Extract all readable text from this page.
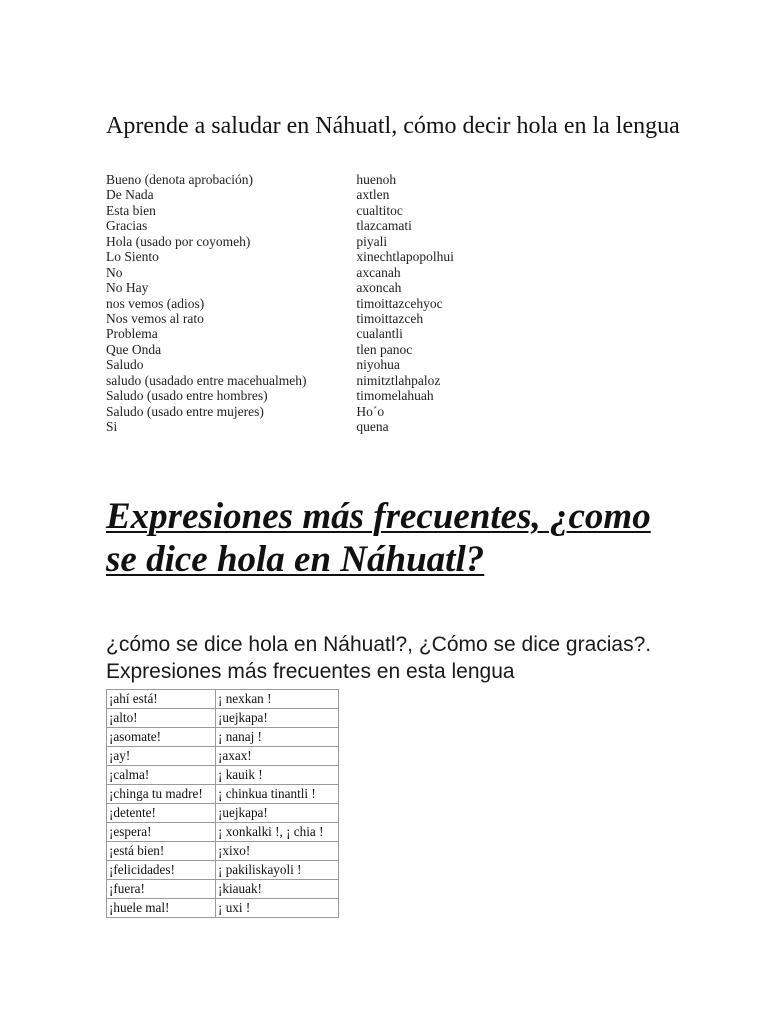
Aprende a saludar en Náhuatl, cómo decir hola en la lengua
Bueno (denota aprobación)	huenoh
De Nada	axtlen
Esta bien	cualtitoc
Gracias	tlazcamati
Hola (usado por coyomeh)	piyali
Lo Siento	xinechtlapopolhui
No	axcanah
No Hay	axoncah
nos vemos (adios)	timoittazcehyoc
Nos vemos al rato	timoittazceh
Problema	cualantli
Que Onda	tlen panoc
Saludo	niyohua
saludo (usadado entre macehualmeh)	nimitztlahpaloz
Saludo (usado entre hombres)	timomelahuah
Saludo (usado entre mujeres)	Ho´o
Si	quena
Expresiones más frecuentes, ¿como se dice hola en Náhuatl?

¿cómo se dice hola en Náhuatl?, ¿Cómo se dice gracias?. Expresiones más frecuentes en esta lengua

¡ahí está!	¡ nexkan !
¡alto!	¡uejkapa!
¡asomate!	¡ nanaj !
¡ay!	¡axax!
¡calma!	¡ kauik !
¡chinga tu madre!	¡ chinkua tinantli !
¡detente!	¡uejkapa!
¡espera!	¡ xonkalki !, ¡ chia !
¡está bien!	¡xixo!
¡felicidades!	¡ pakiliskayoli !
¡fuera!	¡kiauak!
¡huele mal!	¡ uxi !
